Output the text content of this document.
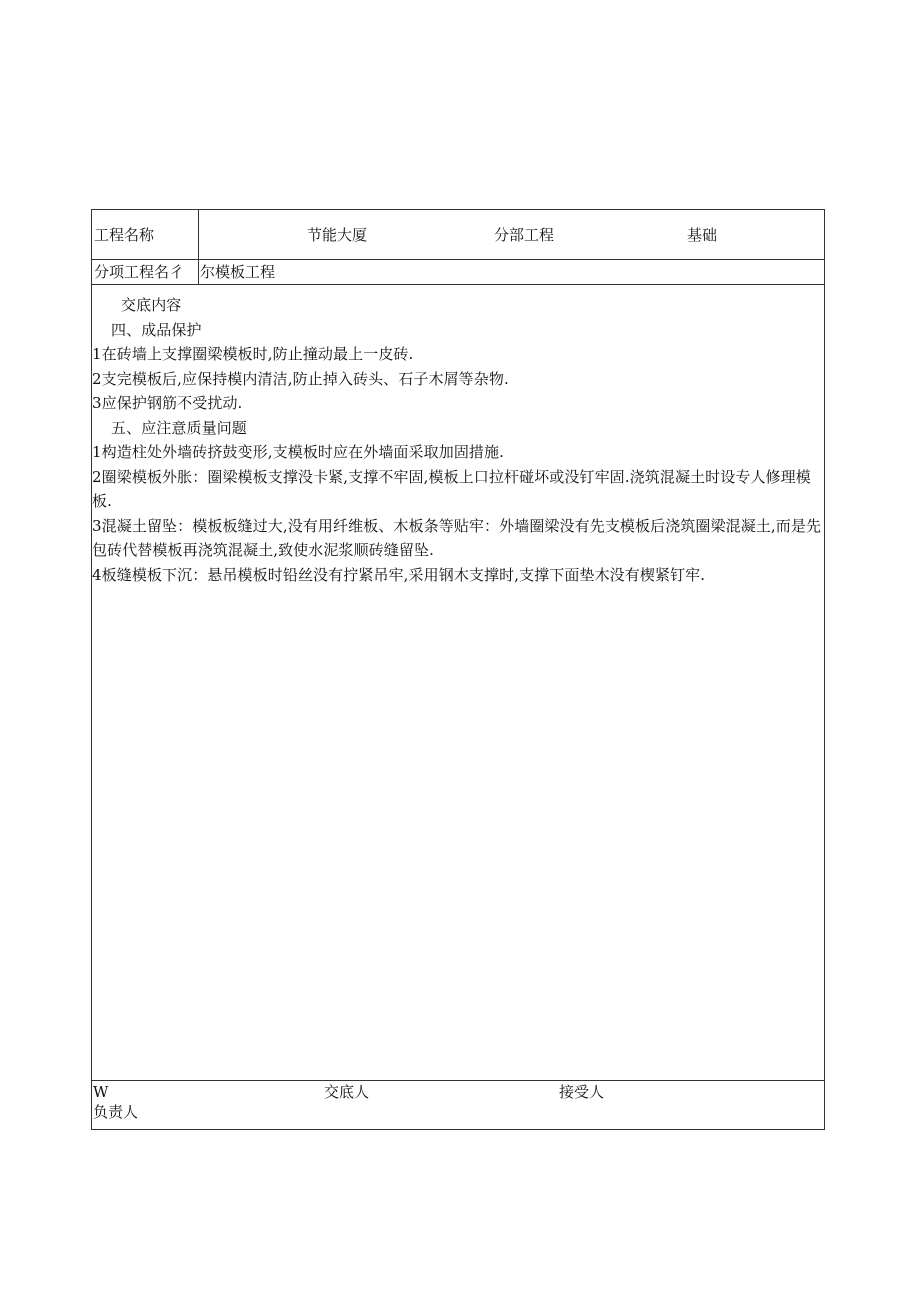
工程名称	节能大厦	分部工程	基础
分项工程名彳 尔模板工程
交底内容
四、成品保护
1在砖墙上支撑圈梁模板时,防止撞动最上一皮砖.
2支完模板后,应保持模内清洁,防止掉入砖头、石子木屑等杂物.
3应保护钢筋不受扰动.
五、应注意质量问题
1构造柱处外墙砖挤鼓变形,支模板时应在外墙面采取加固措施.
2圈梁模板外胀：圈梁模板支撑没卡紧,支撑不牢固,模板上口拉杆碰坏或没钉牢固.浇筑混凝土时设专人修理模板.
3混凝土留坠：模板板缝过大,没有用纤维板、木板条等贴牢：外墙圈梁没有先支模板后浇筑圈梁混凝土,而是先包砖代替模板再浇筑混凝土,致使水泥浆顺砖缝留坠.
4板缝模板下沉：悬吊模板时铅丝没有拧紧吊牢,采用钢木支撑时,支撑下面垫木没有楔紧钉牢.
W	交底人	接受人
负责人
